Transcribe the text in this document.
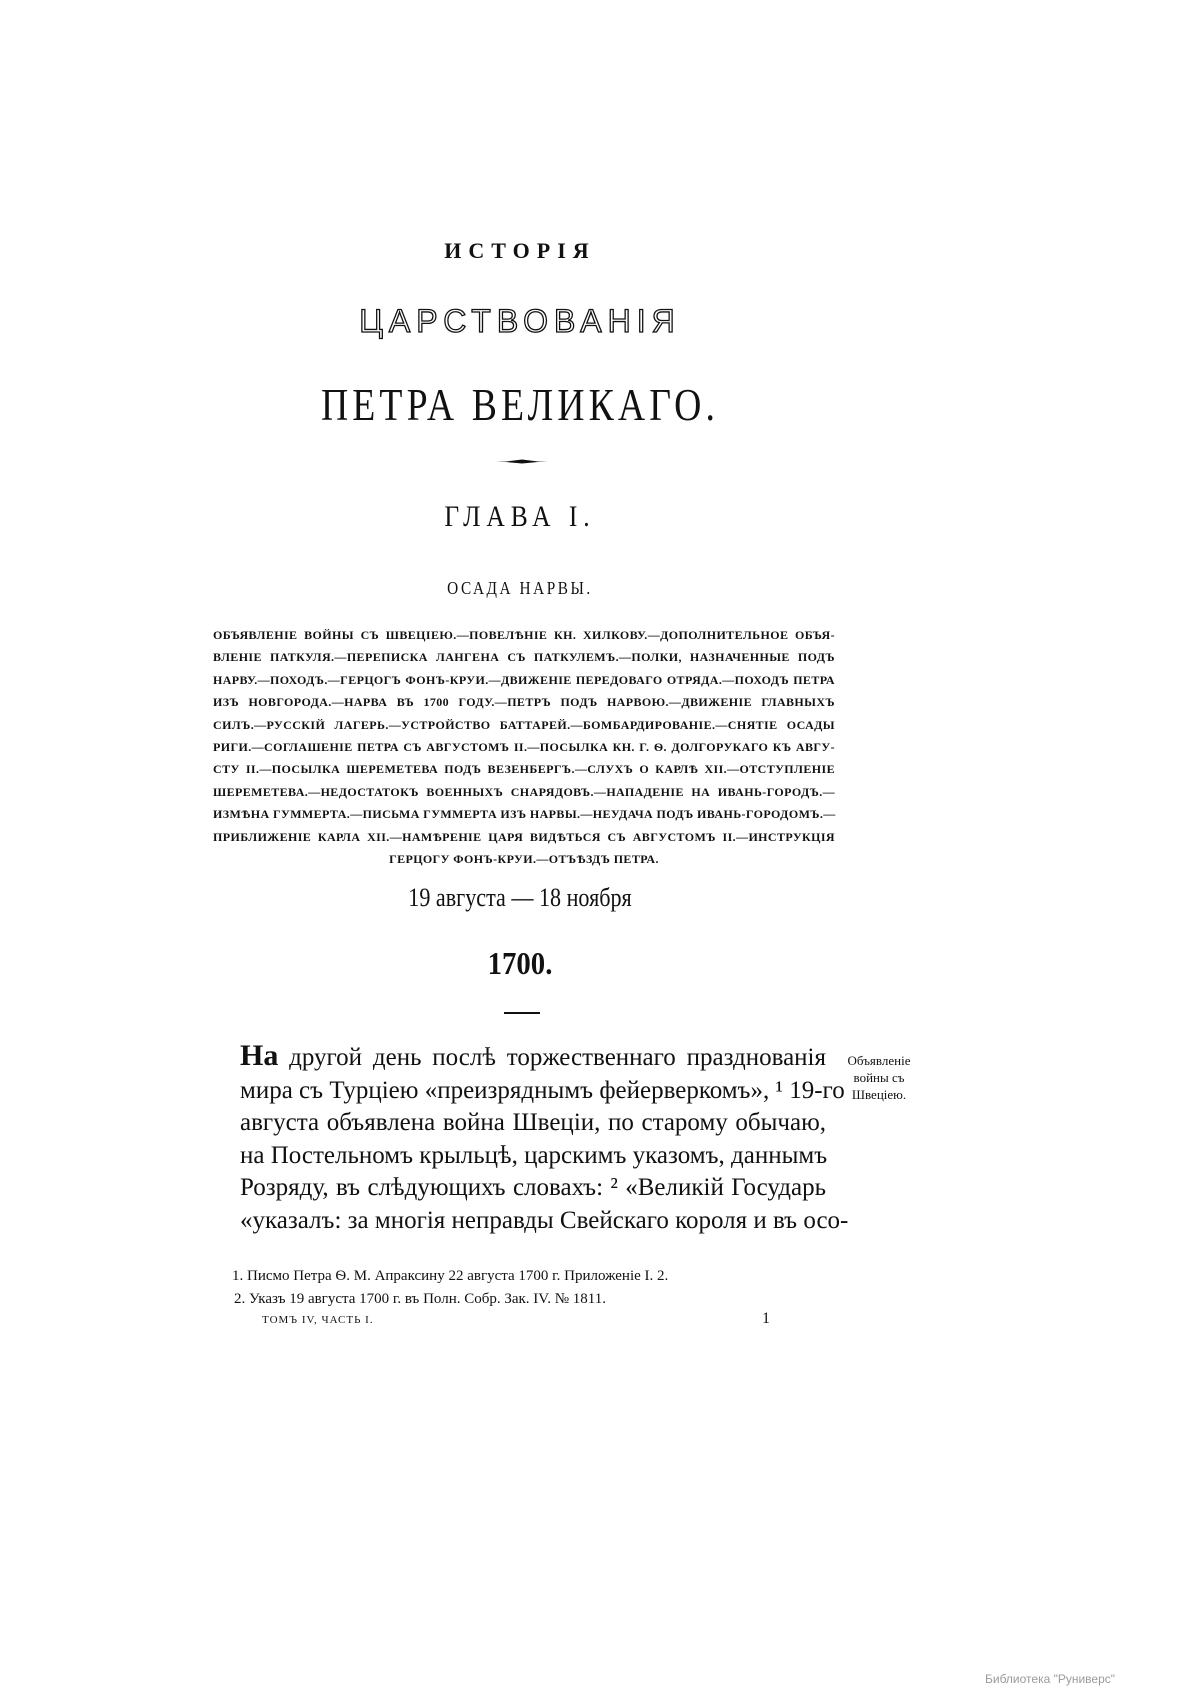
ИСТОРІЯ
ЦАРСТВОВАНІЯ
ПЕТРА ВЕЛИКАГО.
ГЛАВА I.
ОСАДА НАРВЫ.
ОБЪЯВЛЕНІЕ ВОЙНЫ СЪ ШВЕЦІЕЮ.—ПОВЕЛѢНІЕ КН. ХИЛКОВУ.—ДОПОЛНИТЕЛЬНОЕ ОБЪЯ-
ВЛЕНІЕ ПАТКУЛЯ.—ПЕРЕПИСКА ЛАНГЕНА СЪ ПАТКУЛЕМЪ.—ПОЛКИ, НАЗНАЧЕННЫЕ ПОДЪ
НАРВУ.—ПОХОДЪ.—ГЕРЦОГЪ ФОНЪ-КРУИ.—ДВИЖЕНІЕ ПЕРЕДОВАГО ОТРЯДА.—ПОХОДЪ ПЕТРА
ИЗЪ НОВГОРОДА.—НАРВА ВЪ 1700 ГОДУ.—ПЕТРЪ ПОДЪ НАРВОЮ.—ДВИЖЕНІЕ ГЛАВНЫХЪ
СИЛЪ.—РУССКІЙ ЛАГЕРЬ.—УСТРОЙСТВО БАТТАРЕЙ.—БОМБАРДИРОВАНІЕ.—СНЯТІЕ ОСАДЫ
РИГИ.—СОГЛАШЕНІЕ ПЕТРА СЪ АВГУСТОМЪ II.—ПОСЫЛКА КН. Г. Ѳ. ДОЛГОРУКАГО КЪ АВГУ-
СТУ II.—ПОСЫЛКА ШЕРЕМЕТЕВА ПОДЪ ВЕЗЕНБЕРГЪ.—СЛУХЪ О КАРЛѢ XII.—ОТСТУПЛЕНІЕ
ШЕРЕМЕТЕВА.—НЕДОСТАТОКЪ ВОЕННЫХЪ СНАРЯДОВЪ.—НАПАДЕНІЕ НА ИВАНЬ-ГОРОДЪ.—
ИЗМѢНА ГУММЕРТА.—ПИСЬМА ГУММЕРТА ИЗЪ НАРВЫ.—НЕУДАЧА ПОДЪ ИВАНЬ-ГОРОДОМЪ.—
ПРИБЛИЖЕНІЕ КАРЛА XII.—НАМѢРЕНІЕ ЦАРЯ ВИДѢТЬСЯ СЪ АВГУСТОМЪ II.—ИНСТРУКЦІЯ
ГЕРЦОГУ ФОНЪ-КРУИ.—ОТЪѢЗДЪ ПЕТРА.
19 августа — 18 ноября
1700.
На другой день послѣ торжественнаго празднованія
мира съ Турціею «преизряднымъ фейерверкомъ», ¹ 19-го
августа объявлена война Швеціи, по старому обычаю,
на Постельномъ крыльцѣ, царскимъ указомъ, даннымъ
Розряду, въ слѣдующихъ словахъ: ² «Великій Государь
«указалъ: за многія неправды Свейскаго короля и въ осо-
Объявленіе
войны съ
Швеціею.
1. Писмо Петра Ѳ. М. Апраксину 22 августа 1700 г. Приложеніе I. 2.
2. Указъ 19 августа 1700 г. въ Полн. Собр. Зак. IV. № 1811.
ТОМЪ IV, ЧАСТЬ I.	1
Библиотека "Руниверс"
